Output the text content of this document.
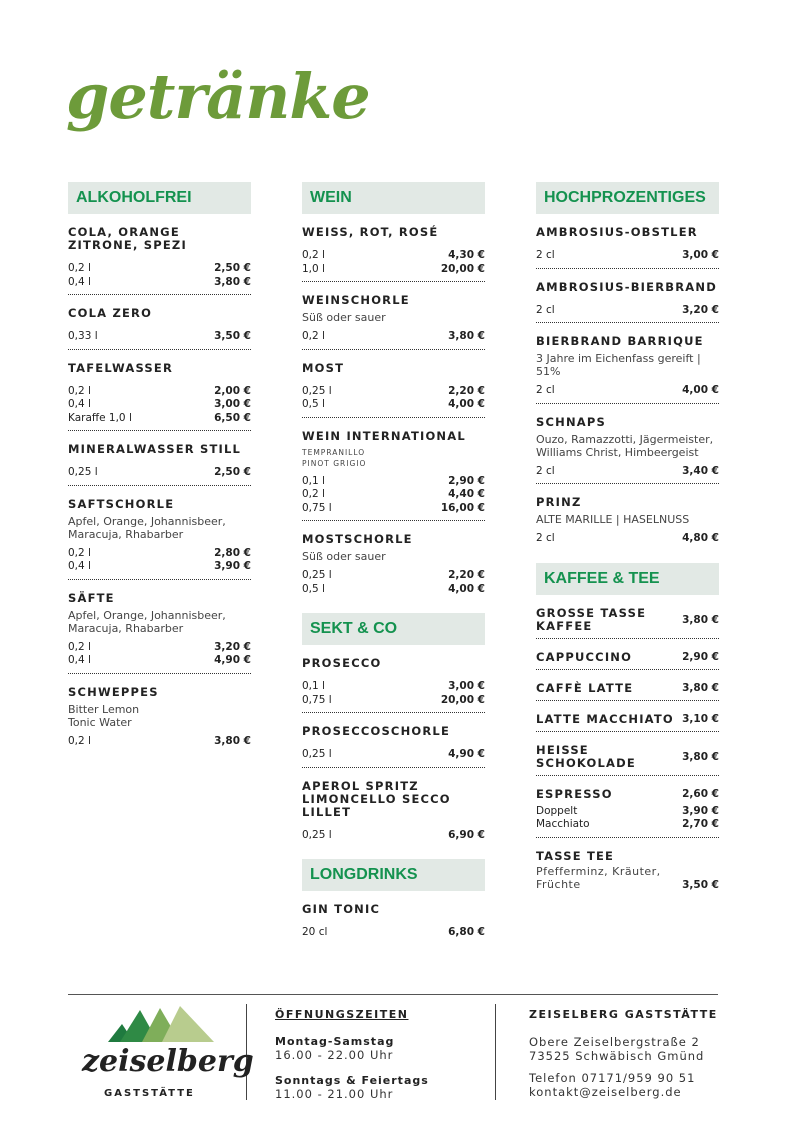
getränke
ALKOHOLFREI
COLA, ORANGE ZITRONE, SPEZI
0,2 l	2,50 €
0,4 l	3,80 €
COLA ZERO
0,33 l	3,50 €
TAFELWASSER
0,2 l	2,00 €
0,4 l	3,00 €
Karaffe 1,0 l	6,50 €
MINERALWASSER STILL
0,25 l	2,50 €
SAFTSCHORLE
Apfel, Orange, Johannisbeer, Maracuja, Rhabarber
0,2 l	2,80 €
0,4 l	3,90 €
SÄFTE
Apfel, Orange, Johannisbeer, Maracuja, Rhabarber
0,2 l	3,20 €
0,4 l	4,90 €
SCHWEPPES
Bitter Lemon
Tonic Water
0,2 l	3,80 €
WEIN
WEISS, ROT, ROSÉ
0,2 l	4,30 €
1,0 l	20,00 €
WEINSCHORLE
Süß oder sauer
0,2 l	3,80 €
MOST
0,25 l	2,20 €
0,5 l	4,00 €
WEIN INTERNATIONAL
TEMPRANILLO
PINOT GRIGIO
0,1 l	2,90 €
0,2 l	4,40 €
0,75 l	16,00 €
MOSTSCHORLE
Süß oder sauer
0,25 l	2,20 €
0,5 l	4,00 €
SEKT & CO
PROSECCO
0,1 l	3,00 €
0,75 l	20,00 €
PROSECCOSCHORLE
0,25 l	4,90 €
APEROL SPRITZ LIMONCELLO SECCO LILLET
0,25 l	6,90 €
LONGDRINKS
GIN TONIC
20 cl	6,80 €
HOCHPROZENTIGES
AMBROSIUS-OBSTLER
2 cl	3,00 €
AMBROSIUS-BIERBRAND
2 cl	3,20 €
BIERBRAND BARRIQUE
3 Jahre im Eichenfass gereift | 51%
2 cl	4,00 €
SCHNAPS
Ouzo, Ramazzotti, Jägermeister, Williams Christ, Himbeergeist
2 cl	3,40 €
PRINZ
ALTE MARILLE | HASELNUSS
2 cl	4,80 €
KAFFEE & TEE
GROSSE TASSE KAFFEE	3,80 €
CAPPUCCINO	2,90 €
CAFFÈ LATTE	3,80 €
LATTE MACCHIATO 3,10 €
HEISSE SCHOKOLADE	3,80 €
ESPRESSO	2,60 €
Doppelt	3,90 €
Macchiato	2,70 €
TASSE TEE
Pfefferminz, Kräuter, Früchte	3,50 €
zeiselberg
GASTSTÄTTE
ÖFFNUNGSZEITEN
Montag-Samstag
16.00 - 22.00 Uhr
Sonntags & Feiertags
11.00 - 21.00 Uhr
ZEISELBERG GASTSTÄTTE
Obere Zeiselbergstraße 2
73525 Schwäbisch Gmünd
Telefon 07171/959 90 51
kontakt@zeiselberg.de
